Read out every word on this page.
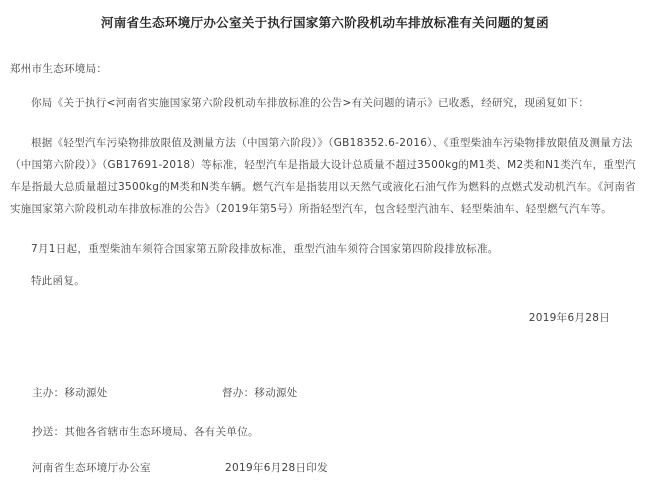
河南省生态环境厅办公室关于执行国家第六阶段机动车排放标准有关问题的复函

郑州市生态环境局：

你局《关于执行<河南省实施国家第六阶段机动车排放标准的公告>有关问题的请示》已收悉，经研究，现函复如下：

根据《轻型汽车污染物排放限值及测量方法（中国第六阶段）》（GB18352.6-2016）、《重型柴油车污染物排放限值及测量方法（中国第六阶段）》（GB17691-2018）等标准，轻型汽车是指最大设计总质量不超过3500kg的M1类、M2类和N1类汽车，重型汽车是指最大总质量超过3500kg的M类和N类车辆。燃气汽车是指装用以天然气或液化石油气作为燃料的点燃式发动机汽车。《河南省实施国家第六阶段机动车排放标准的公告》（2019年第5号）所指轻型汽车，包含轻型汽油车、轻型柴油车、轻型燃气汽车等。

7月1日起，重型柴油车须符合国家第五阶段排放标准，重型汽油车须符合国家第四阶段排放标准。

特此函复。

2019年6月28日

主办：移动源处	督办：移动源处
抄送：其他各省辖市生态环境局、各有关单位。
河南省生态环境厅办公室	2019年6月28日印发
